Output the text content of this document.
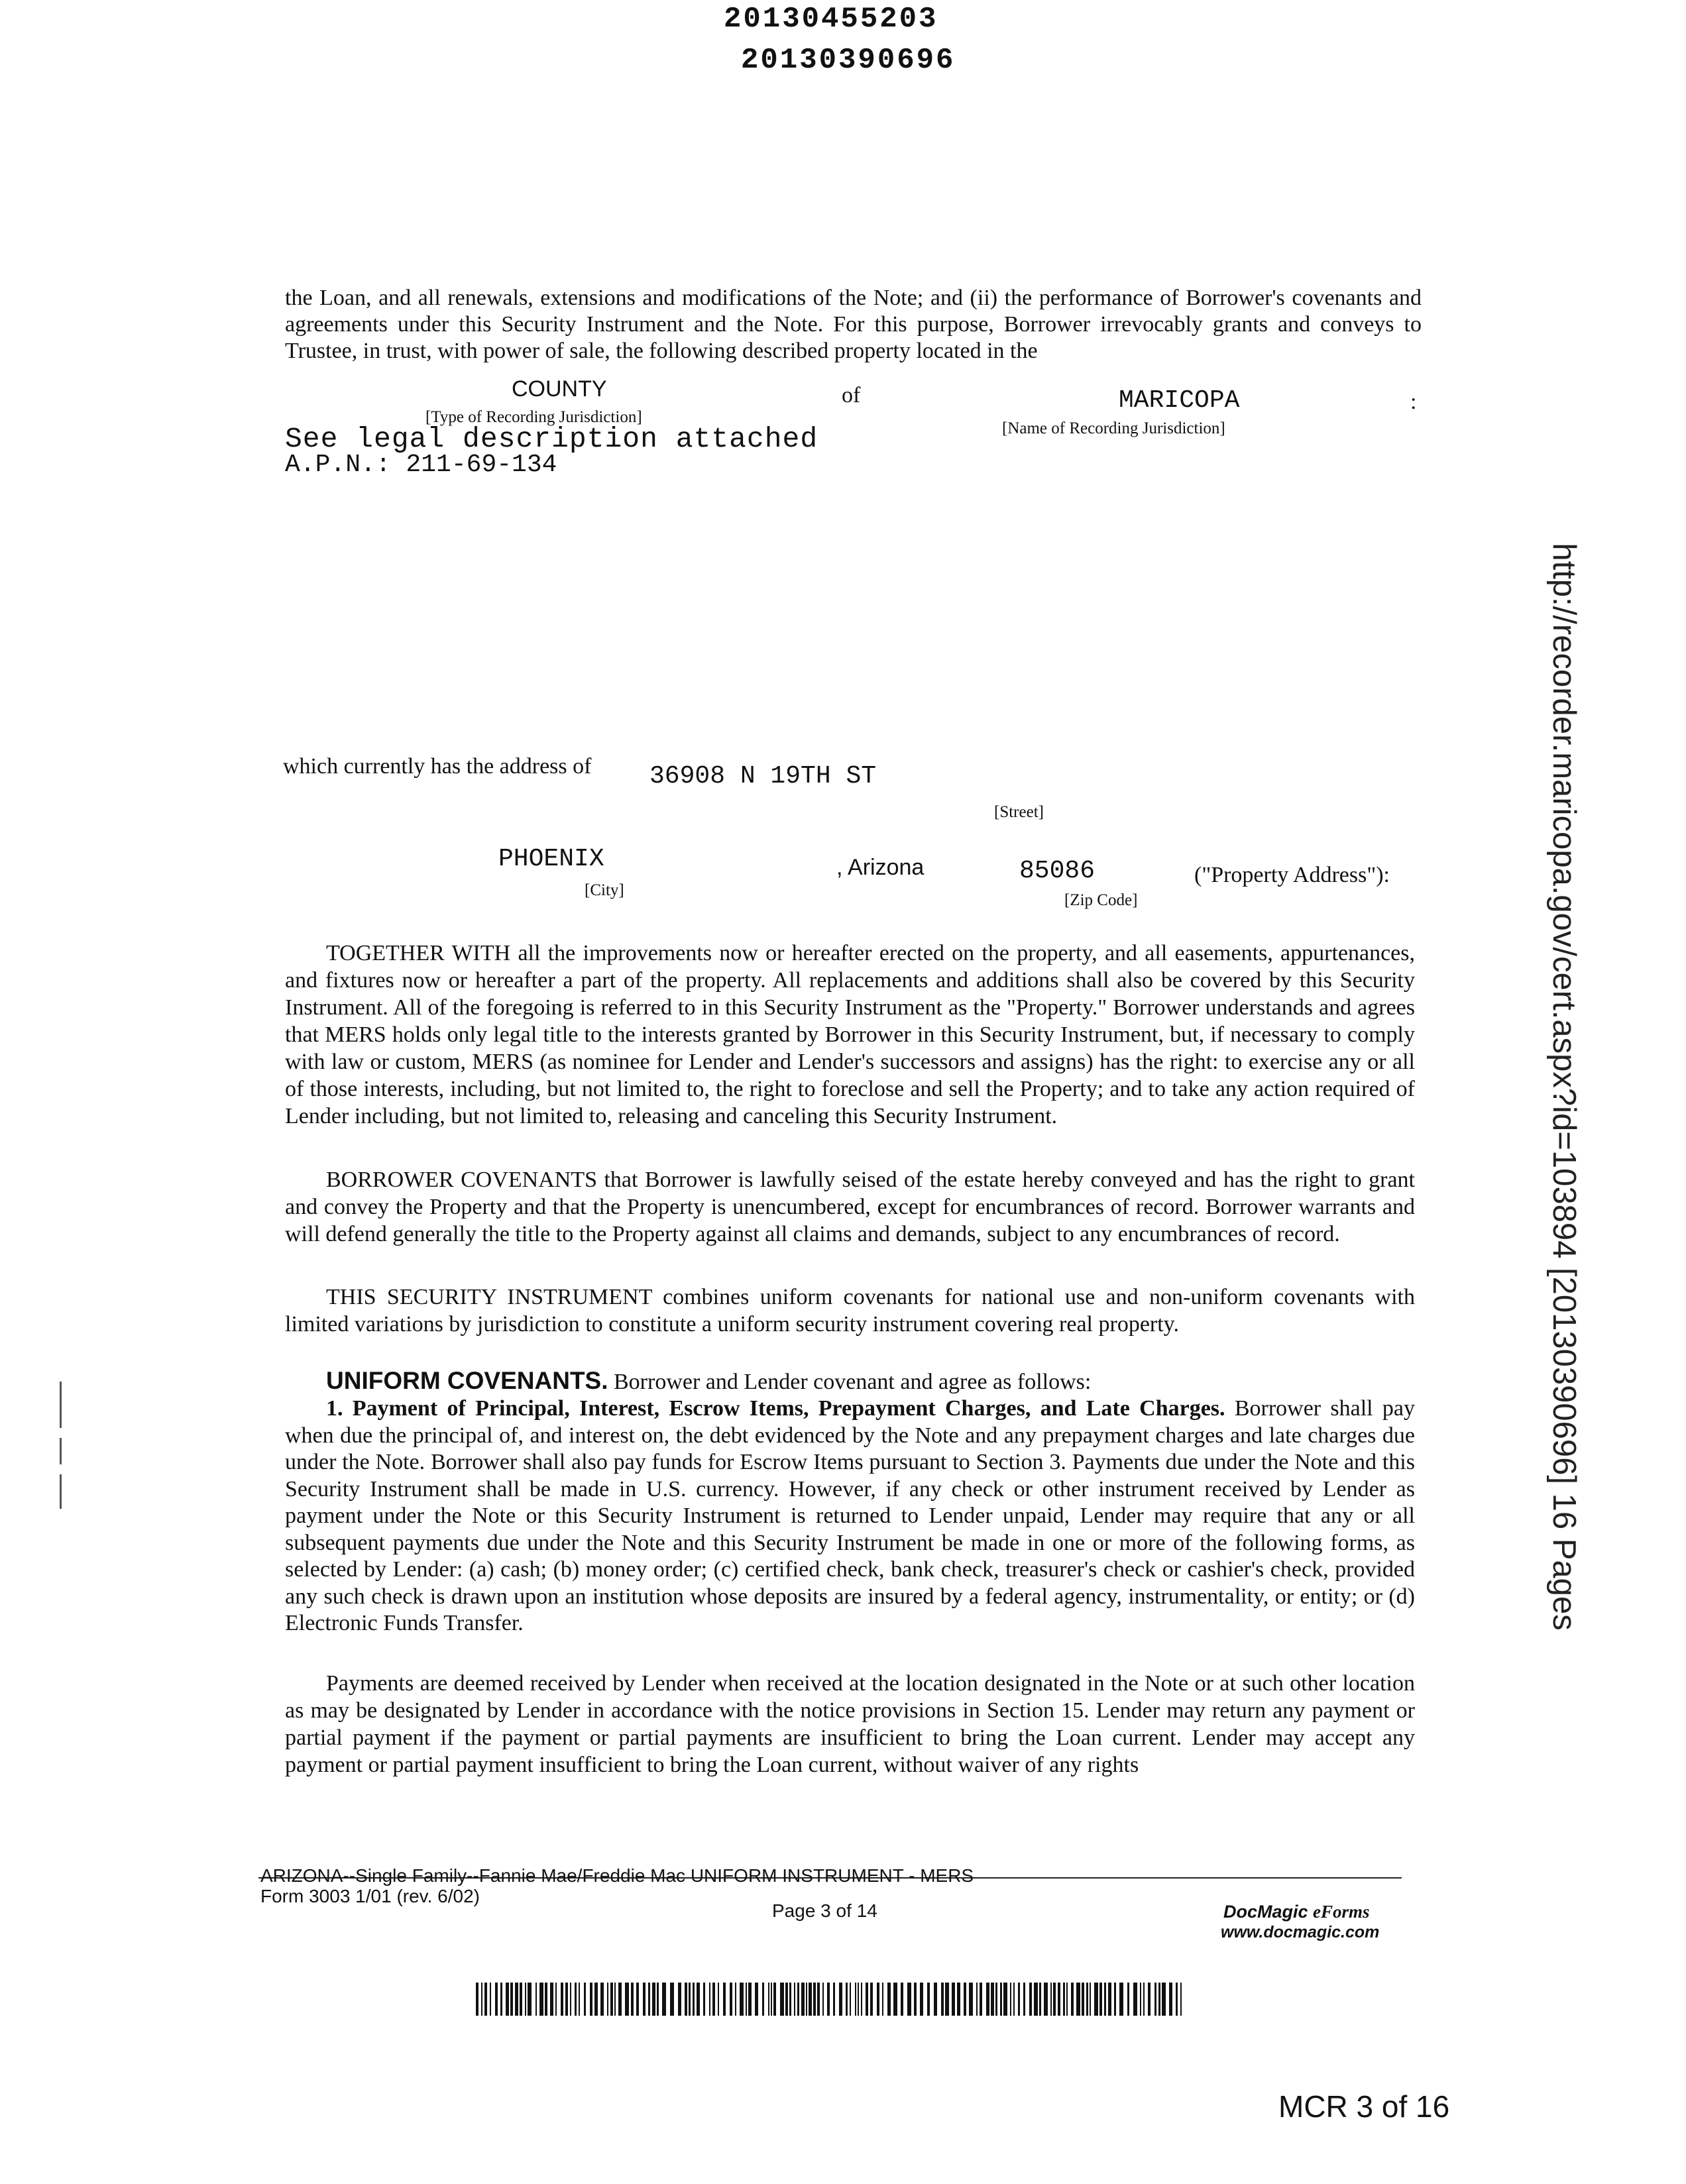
20130455203
20130390696
the Loan, and all renewals, extensions and modifications of the Note; and (ii) the performance of Borrower's covenants and agreements under this Security Instrument and the Note. For this purpose, Borrower irrevocably grants and conveys to Trustee, in trust, with power of sale, the following described property located in the
COUNTY	of	MARICOPA	:
[Type of Recording Jurisdiction]
[Name of Recording Jurisdiction]
See legal description attached
A.P.N.: 211-69-134
which currently has the address of 36908 N 19TH ST
[Street]
PHOENIX	, Arizona	85086	("Property Address"):
[City]
[Zip Code]
TOGETHER WITH all the improvements now or hereafter erected on the property, and all easements, appurtenances, and fixtures now or hereafter a part of the property. All replacements and additions shall also be covered by this Security Instrument. All of the foregoing is referred to in this Security Instrument as the "Property." Borrower understands and agrees that MERS holds only legal title to the interests granted by Borrower in this Security Instrument, but, if necessary to comply with law or custom, MERS (as nominee for Lender and Lender's successors and assigns) has the right: to exercise any or all of those interests, including, but not limited to, the right to foreclose and sell the Property; and to take any action required of Lender including, but not limited to, releasing and canceling this Security Instrument.
BORROWER COVENANTS that Borrower is lawfully seised of the estate hereby conveyed and has the right to grant and convey the Property and that the Property is unencumbered, except for encumbrances of record. Borrower warrants and will defend generally the title to the Property against all claims and demands, subject to any encumbrances of record.
THIS SECURITY INSTRUMENT combines uniform covenants for national use and non-uniform covenants with limited variations by jurisdiction to constitute a uniform security instrument covering real property.
UNIFORM COVENANTS. Borrower and Lender covenant and agree as follows:
1. Payment of Principal, Interest, Escrow Items, Prepayment Charges, and Late Charges. Borrower shall pay when due the principal of, and interest on, the debt evidenced by the Note and any prepayment charges and late charges due under the Note. Borrower shall also pay funds for Escrow Items pursuant to Section 3. Payments due under the Note and this Security Instrument shall be made in U.S. currency. However, if any check or other instrument received by Lender as payment under the Note or this Security Instrument is returned to Lender unpaid, Lender may require that any or all subsequent payments due under the Note and this Security Instrument be made in one or more of the following forms, as selected by Lender: (a) cash; (b) money order; (c) certified check, bank check, treasurer's check or cashier's check, provided any such check is drawn upon an institution whose deposits are insured by a federal agency, instrumentality, or entity; or (d) Electronic Funds Transfer.
Payments are deemed received by Lender when received at the location designated in the Note or at such other location as may be designated by Lender in accordance with the notice provisions in Section 15. Lender may return any payment or partial payment if the payment or partial payments are insufficient to bring the Loan current. Lender may accept any payment or partial payment insufficient to bring the Loan current, without waiver of any rights
ARIZONA--Single Family--Fannie Mae/Freddie Mac UNIFORM INSTRUMENT - MERS
Form 3003 1/01 (rev. 6/02)
Page 3 of 14	DocMagic eForms
www.docmagic.com
MCR 3 of 16
http://recorder.maricopa.gov/cert.aspx?id=103894 [20130390696] 16 Pages
